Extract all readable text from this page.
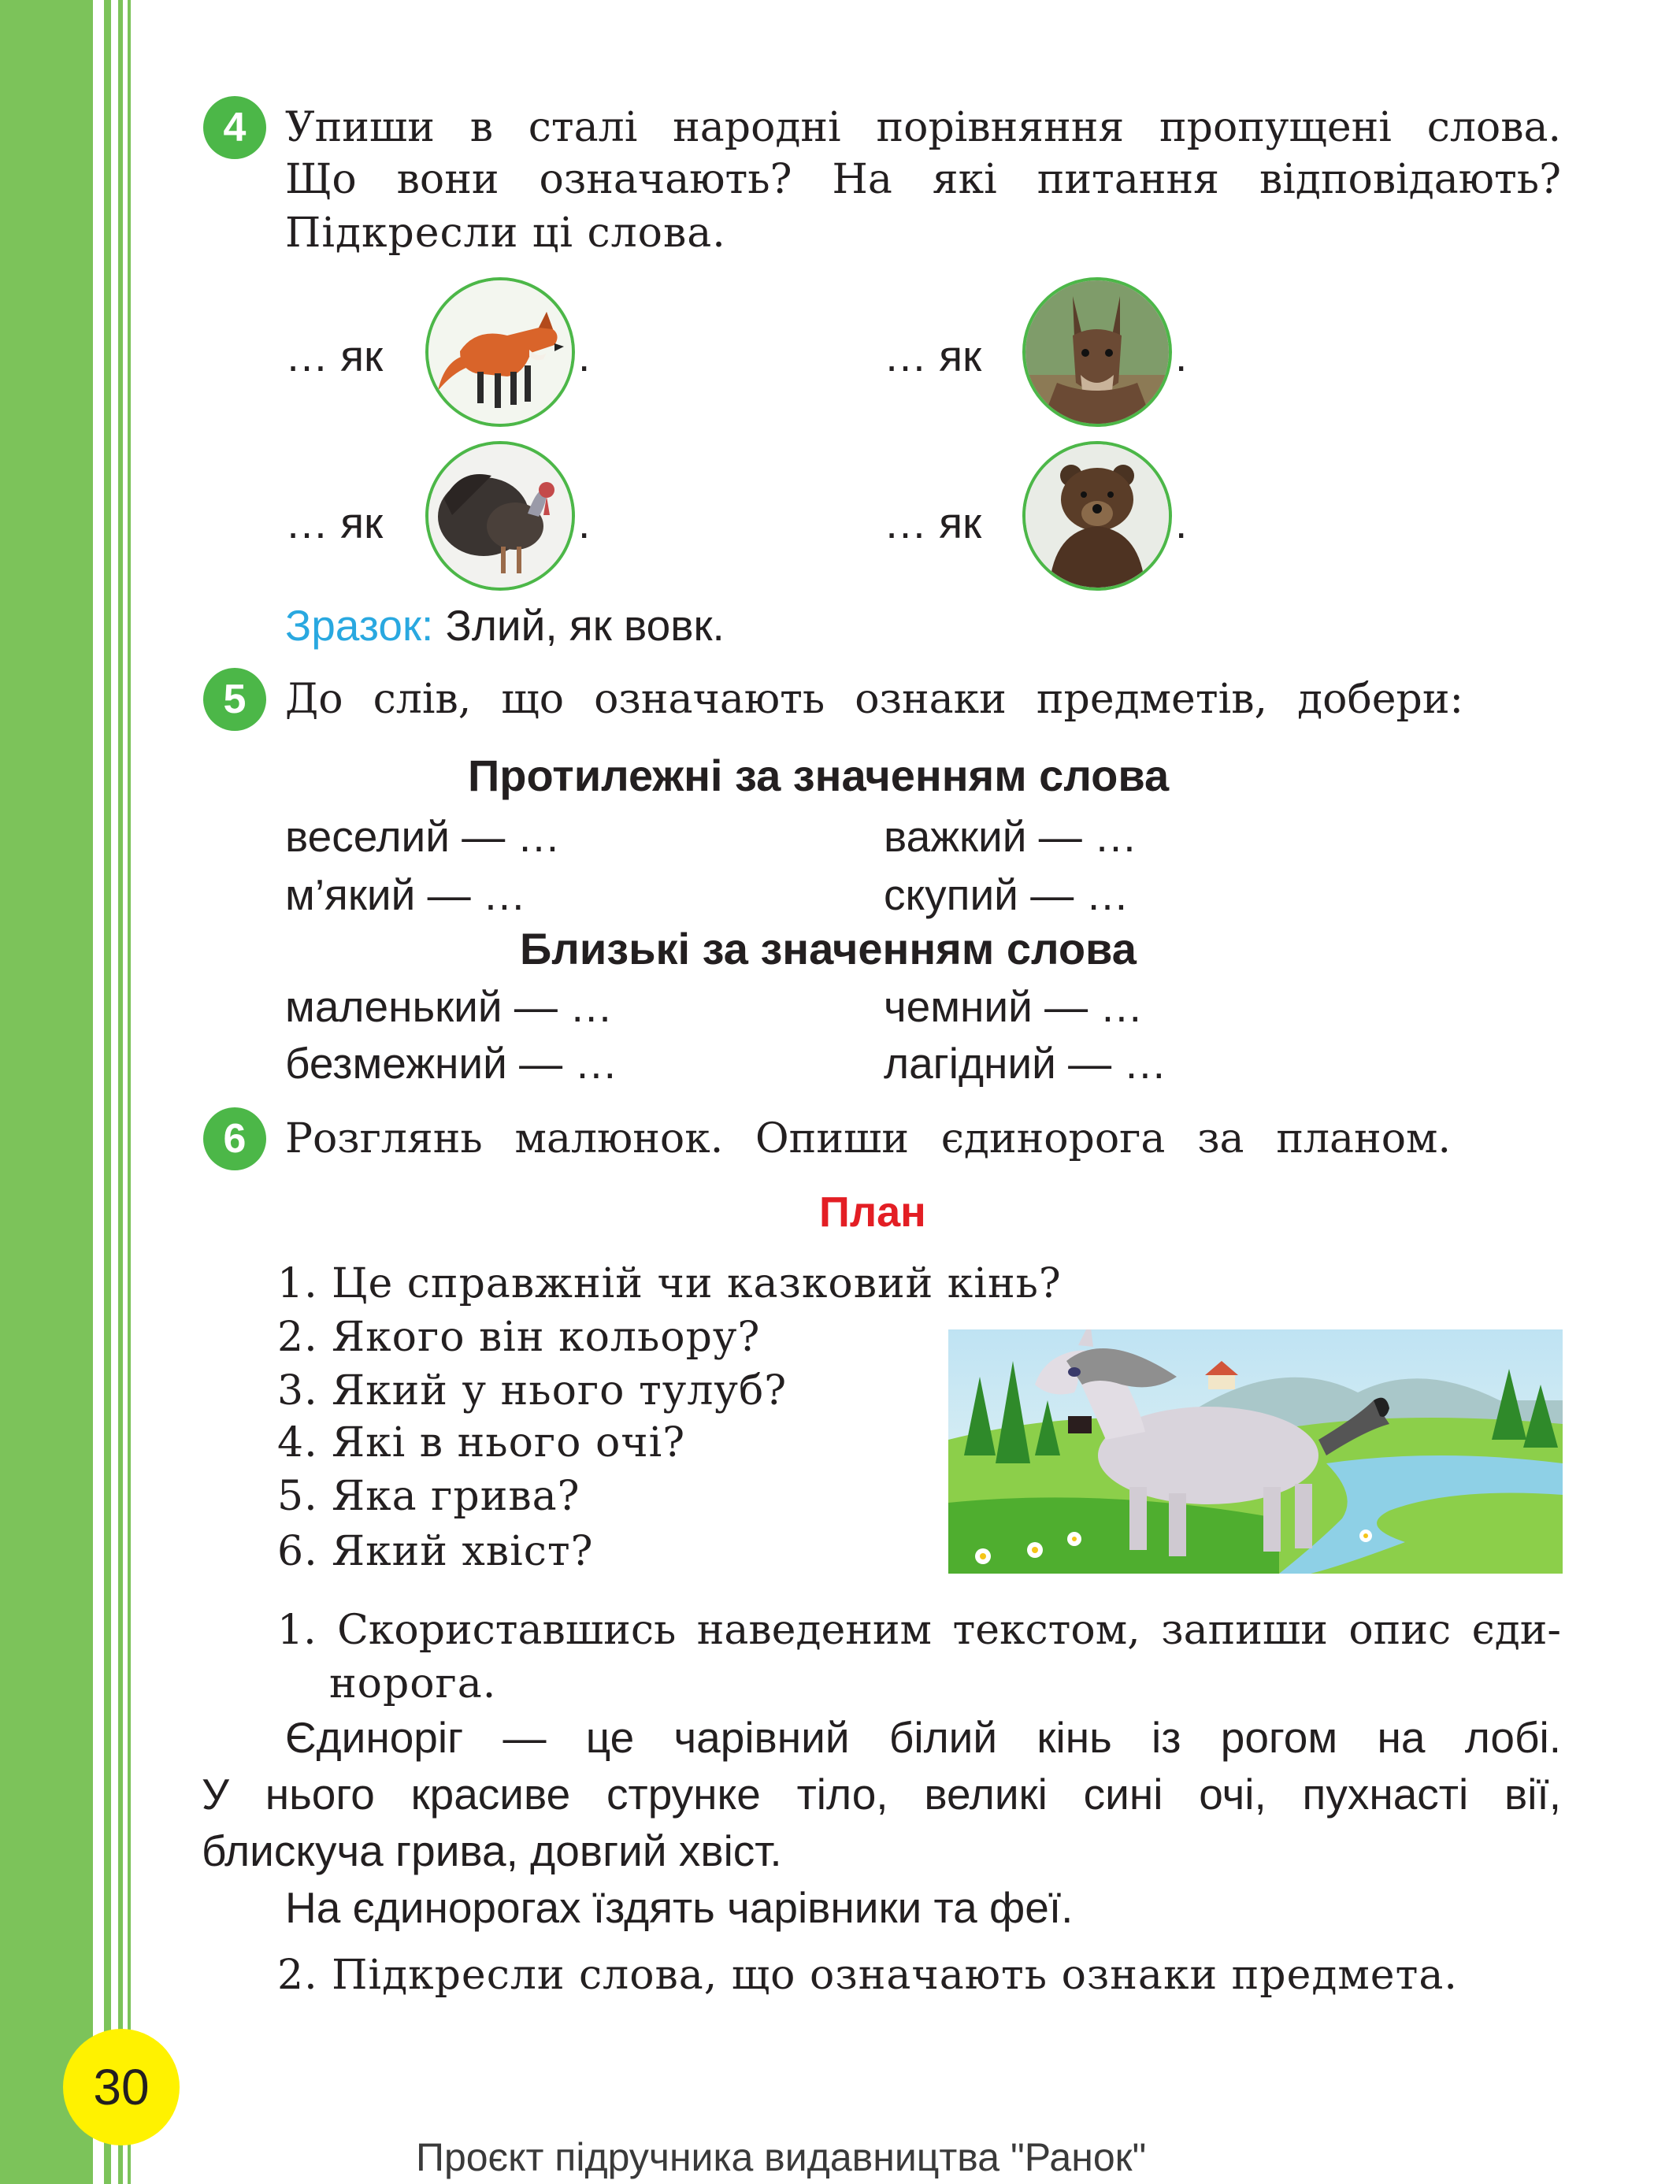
4 Упиши в сталі народні порівняння пропущені слова.
Що вони означають? На які питання відповідають?
Підкресли ці слова.
… як	.	… як	.
… як	.	… як	.
Зразок: Злий, як вовк.
5 До слів, що означають ознаки предметів, добери:
Протилежні за значенням слова
веселий — …	важкий — …
м’який — …	скупий — …
Близькі за значенням слова
маленький — …	чемний — …
безмежний — …	лагідний — …
6 Розглянь малюнок. Опиши єдинорога за планом.
План
1. Це справжній чи казковий кінь?
2. Якого він кольору?
3. Який у нього тулуб?
4. Які в нього очі?
5. Яка грива?
6. Який хвіст?
1. Скориставшись наведеним текстом, запиши опис єди-
норога.
Єдиноріг — це чарівний білий кінь із рогом на лобі.
У нього красиве струнке тіло, великі сині очі, пухнасті вії,
блискуча грива, довгий хвіст.
На єдинорогах їздять чарівники та феї.
2. Підкресли слова, що означають ознаки предмета.
30
Проєкт підручника видавництва "Ранок"
